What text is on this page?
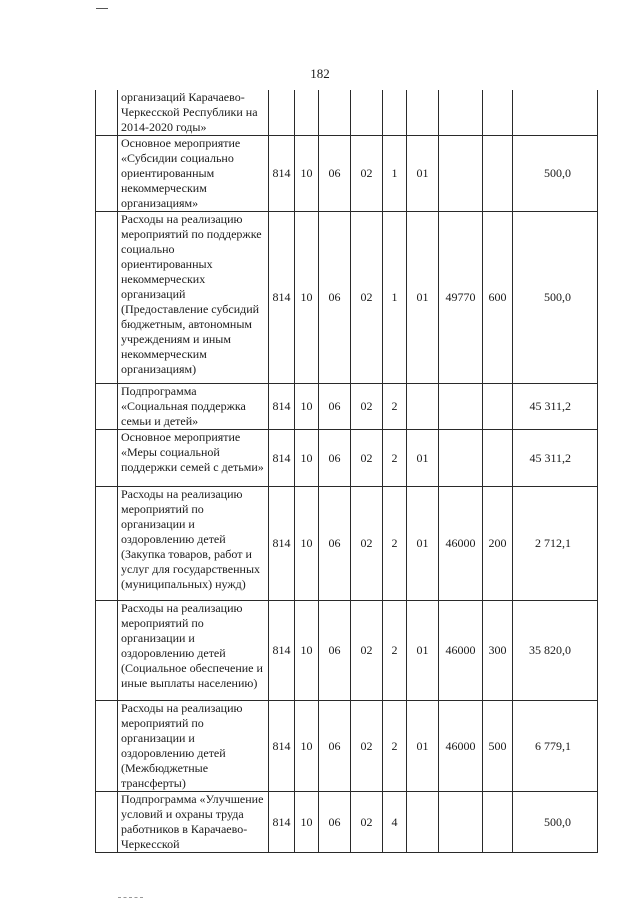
182
	организаций Карачаево-Черкесской Республики на 2014-2020 годы»									
	Основное мероприятие «Субсидии социально ориентированным некоммерческим организациям»	814	10	06	02	1	01			500,0
	Расходы на реализацию мероприятий по поддержке социально ориентированных некоммерческих организаций (Предоставление субсидий бюджетным, автономным учреждениям и иным некоммерческим организациям)	814	10	06	02	1	01	49770	600	500,0
	Подпрограмма «Социальная поддержка семьи и детей»	814	10	06	02	2				45 311,2
	Основное мероприятие «Меры социальной поддержки семей с детьми»	814	10	06	02	2	01			45 311,2
	Расходы на реализацию мероприятий по организации и оздоровлению детей (Закупка товаров, работ и услуг для государственных (муниципальных) нужд)	814	10	06	02	2	01	46000	200	2 712,1
	Расходы на реализацию мероприятий по организации и оздоровлению детей (Социальное обеспечение и иные выплаты населению)	814	10	06	02	2	01	46000	300	35 820,0
	Расходы на реализацию мероприятий по организации и оздоровлению детей (Межбюджетные трансферты)	814	10	06	02	2	01	46000	500	6 779,1
	Подпрограмма «Улучшение условий и охраны труда работников в Карачаево-Черкесской	814	10	06	02	4				500,0
